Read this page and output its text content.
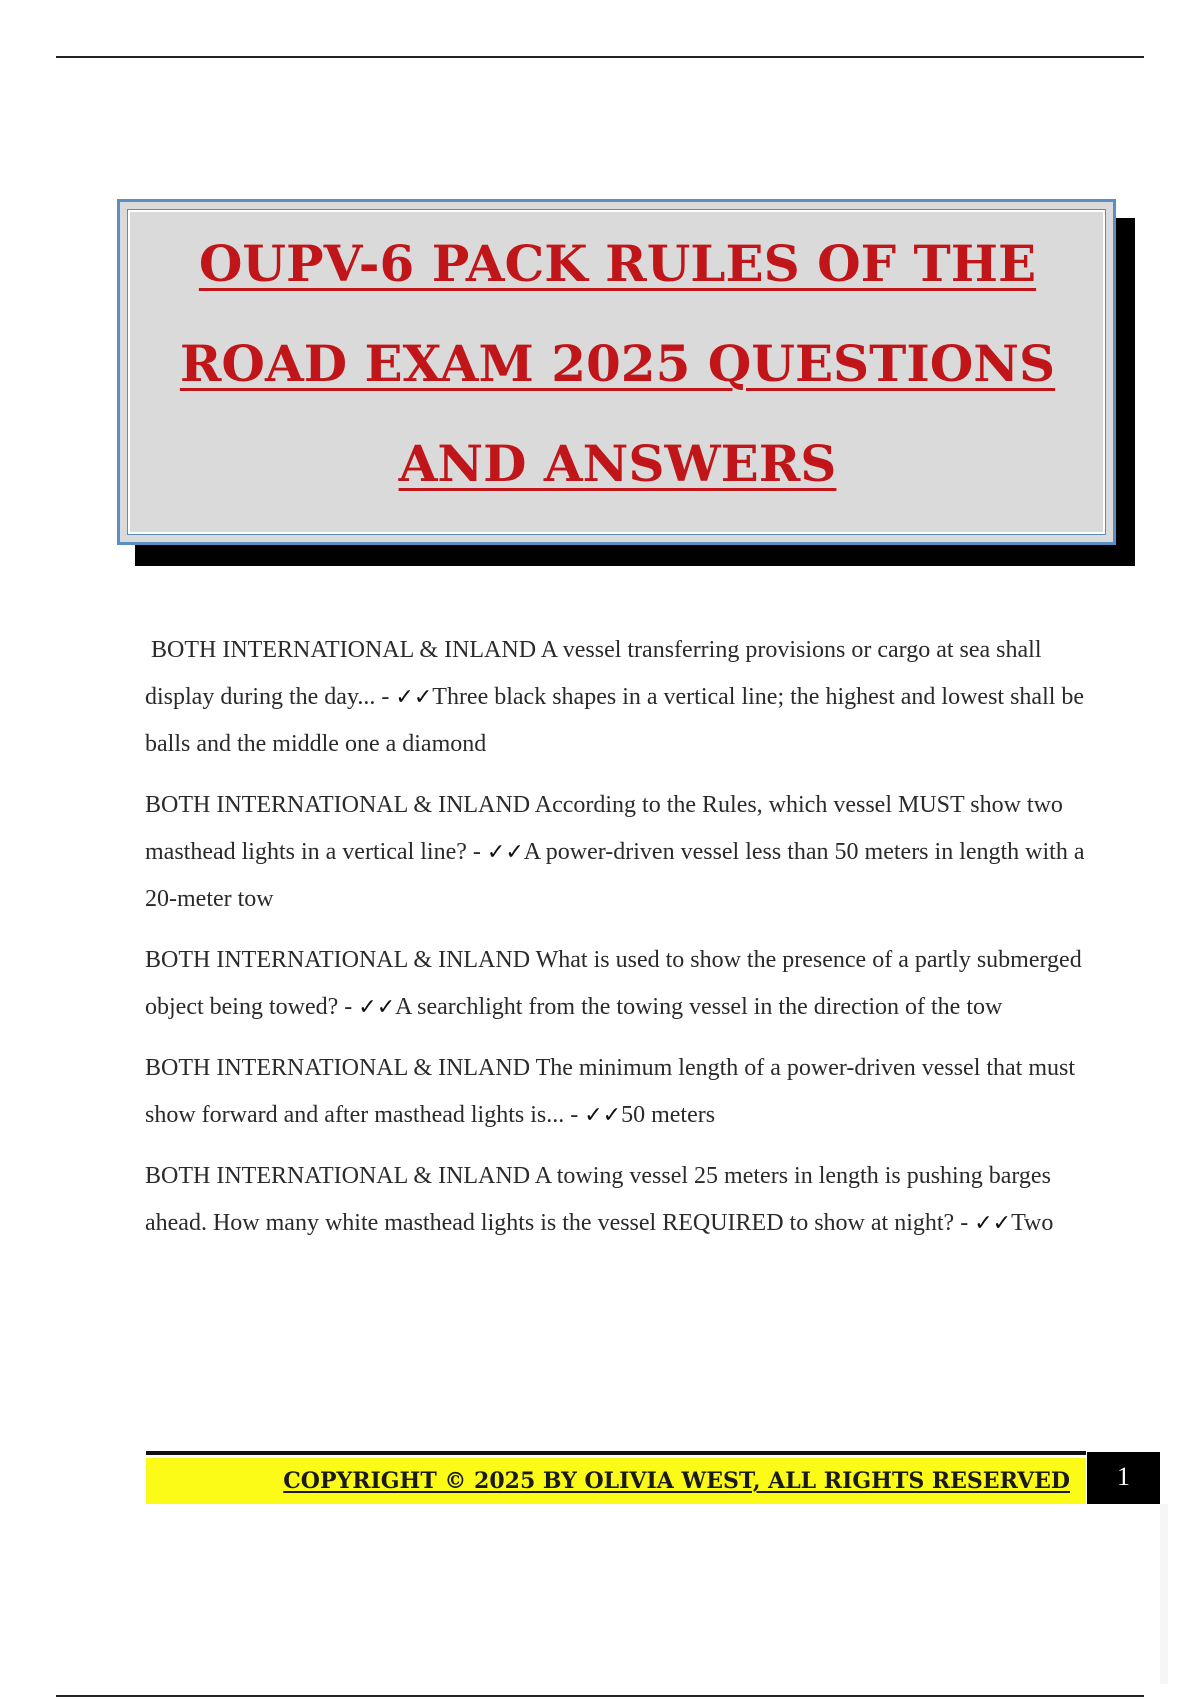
OUPV-6 PACK RULES OF THE
ROAD EXAM 2025 QUESTIONS
AND ANSWERS

BOTH INTERNATIONAL & INLAND A vessel transferring provisions or cargo at sea shall display during the day... - ✓✓Three black shapes in a vertical line; the highest and lowest shall be balls and the middle one a diamond

BOTH INTERNATIONAL & INLAND According to the Rules, which vessel MUST show two masthead lights in a vertical line? - ✓✓A power-driven vessel less than 50 meters in length with a 20-meter tow

BOTH INTERNATIONAL & INLAND What is used to show the presence of a partly submerged object being towed? - ✓✓A searchlight from the towing vessel in the direction of the tow

BOTH INTERNATIONAL & INLAND The minimum length of a power-driven vessel that must show forward and after masthead lights is... - ✓✓50 meters

BOTH INTERNATIONAL & INLAND A towing vessel 25 meters in length is pushing barges ahead. How many white masthead lights is the vessel REQUIRED to show at night? - ✓✓Two

COPYRIGHT © 2025 BY OLIVIA WEST, ALL RIGHTS RESERVED	1
